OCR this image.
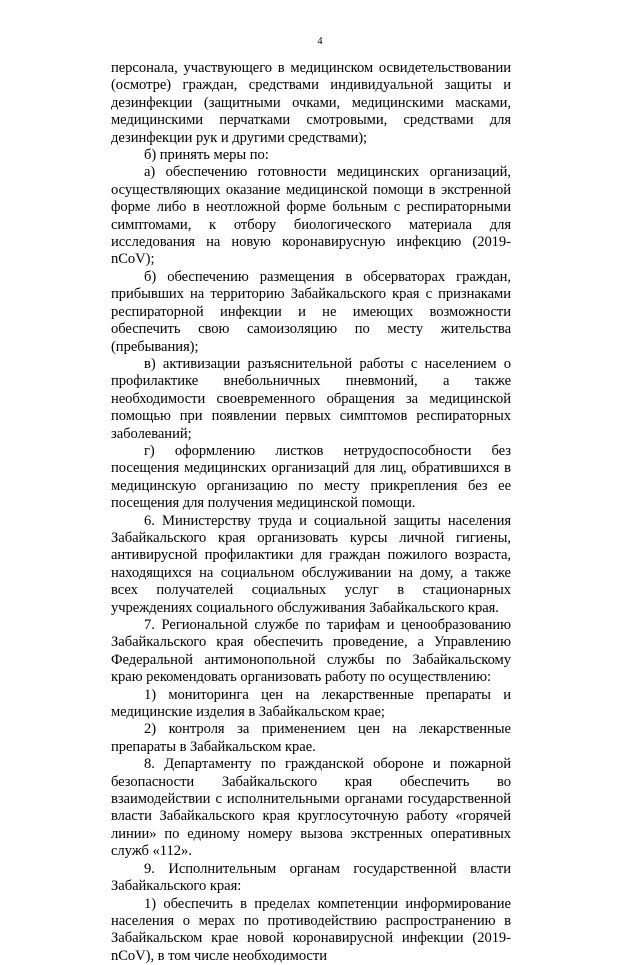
4

персонала, участвующего в медицинском освидетельствовании (осмотре) граждан, средствами индивидуальной защиты и дезинфекции (защитными очками, медицинскими масками, медицинскими перчатками смотровыми, средствами для дезинфекции рук и другими средствами);

б) принять меры по:

а) обеспечению готовности медицинских организаций, осуществляющих оказание медицинской помощи в экстренной форме либо в неотложной форме больным с респираторными симптомами, к отбору биологического материала для исследования на новую коронавирусную инфекцию (2019-nCoV);

б) обеспечению размещения в обсерваторах граждан, прибывших на территорию Забайкальского края с признаками респираторной инфекции и не имеющих возможности обеспечить свою самоизоляцию по месту жительства (пребывания);

в) активизации разъяснительной работы с населением о профилактике внебольничных пневмоний, а также необходимости своевременного обращения за медицинской помощью при появлении первых симптомов респираторных заболеваний;

г) оформлению листков нетрудоспособности без посещения медицинских организаций для лиц, обратившихся в медицинскую организацию по месту прикрепления без ее посещения для получения медицинской помощи.

6. Министерству труда и социальной защиты населения Забайкальского края организовать курсы личной гигиены, антивирусной профилактики для граждан пожилого возраста, находящихся на социальном обслуживании на дому, а также всех получателей социальных услуг в стационарных учреждениях социального обслуживания Забайкальского края.

7. Региональной службе по тарифам и ценообразованию Забайкальского края обеспечить проведение, а Управлению Федеральной антимонопольной службы по Забайкальскому краю рекомендовать организовать работу по осуществлению:

1) мониторинга цен на лекарственные препараты и медицинские изделия в Забайкальском крае;

2) контроля за применением цен на лекарственные препараты в Забайкальском крае.

8. Департаменту по гражданской обороне и пожарной безопасности Забайкальского края обеспечить во взаимодействии с исполнительными органами государственной власти Забайкальского края круглосуточную работу «горячей линии» по единому номеру вызова экстренных оперативных служб «112».

9. Исполнительным органам государственной власти Забайкальского края:

1) обеспечить в пределах компетенции информирование населения о мерах по противодействию распространению в Забайкальском крае новой коронавирусной инфекции (2019-nCoV), в том числе необходимости
